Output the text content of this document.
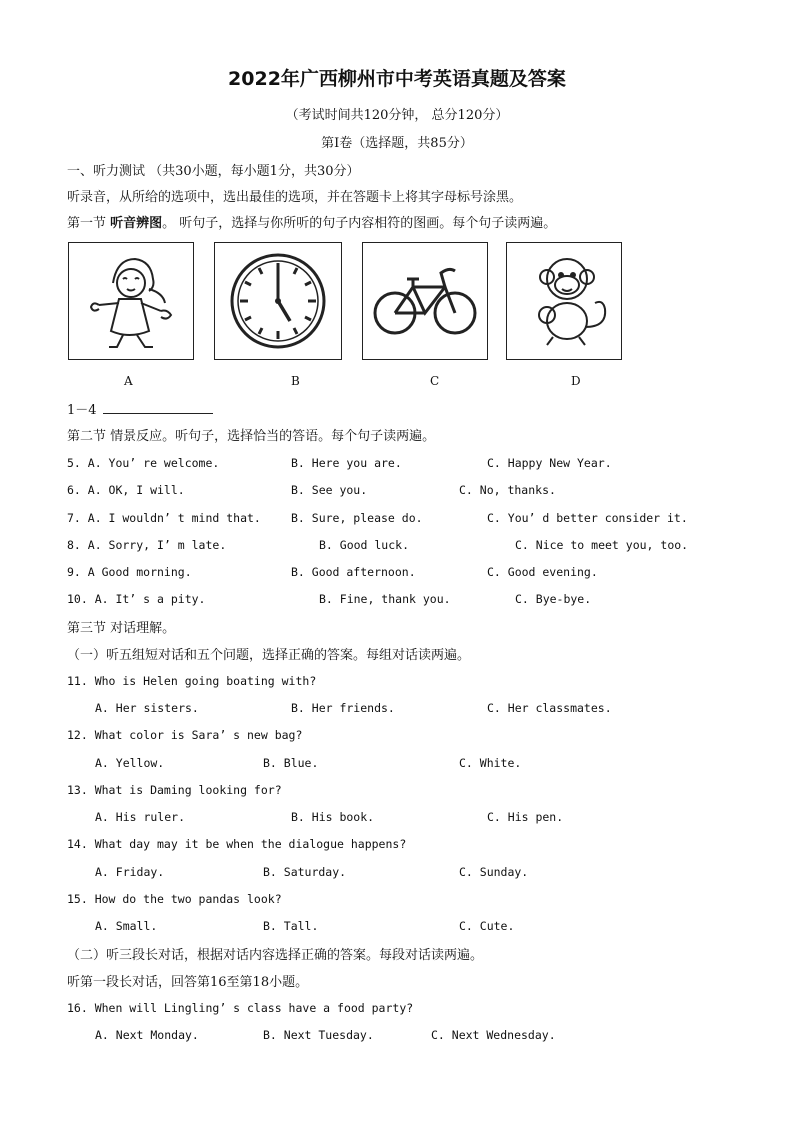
2022年广西柳州市中考英语真题及答案
（考试时间共120分钟， 总分120分）
第Ⅰ卷（选择题，共85分）
一、听力测试 （共30小题，每小题1分，共30分）
听录音，从所给的选项中，选出最佳的选项，并在答题卡上将其字母标号涂黑。
第一节 听音辨图。 听句子，选择与你所听的句子内容相符的图画。每个句子读两遍。
A	B	C	D
1－4
第二节 情景反应。听句子，选择恰当的答语。每个句子读两遍。
5. A. You’ re welcome.	B. Here you are.	C. Happy New Year.
6. A. OK, I will.	B. See you.	C. No, thanks.
7. A. I wouldn’ t mind that.	B. Sure, please do.	C. You’ d better consider it.
8. A. Sorry, I’ m late.	B. Good luck.	C. Nice to meet you, too.
9. A Good morning.	B. Good afternoon.	C. Good evening.
10. A. It’ s a pity.	B. Fine, thank you.	C. Bye-bye.
第三节 对话理解。
（一）听五组短对话和五个问题，选择正确的答案。每组对话读两遍。
11. Who is Helen going boating with?
A. Her sisters.	B. Her friends.	C. Her classmates.
12. What color is Sara’ s new bag?
A. Yellow.	B. Blue.	C. White.
13. What is Daming looking for?
A. His ruler.	B. His book.	C. His pen.
14. What day may it be when the dialogue happens?
A. Friday.	B. Saturday.	C. Sunday.
15. How do the two pandas look?
A. Small.	B. Tall.	C. Cute.
（二）听三段长对话，根据对话内容选择正确的答案。每段对话读两遍。
听第一段长对话，回答第16至第18小题。
16. When will Lingling’ s class have a food party?
A. Next Monday.	B. Next Tuesday.	C. Next Wednesday.
